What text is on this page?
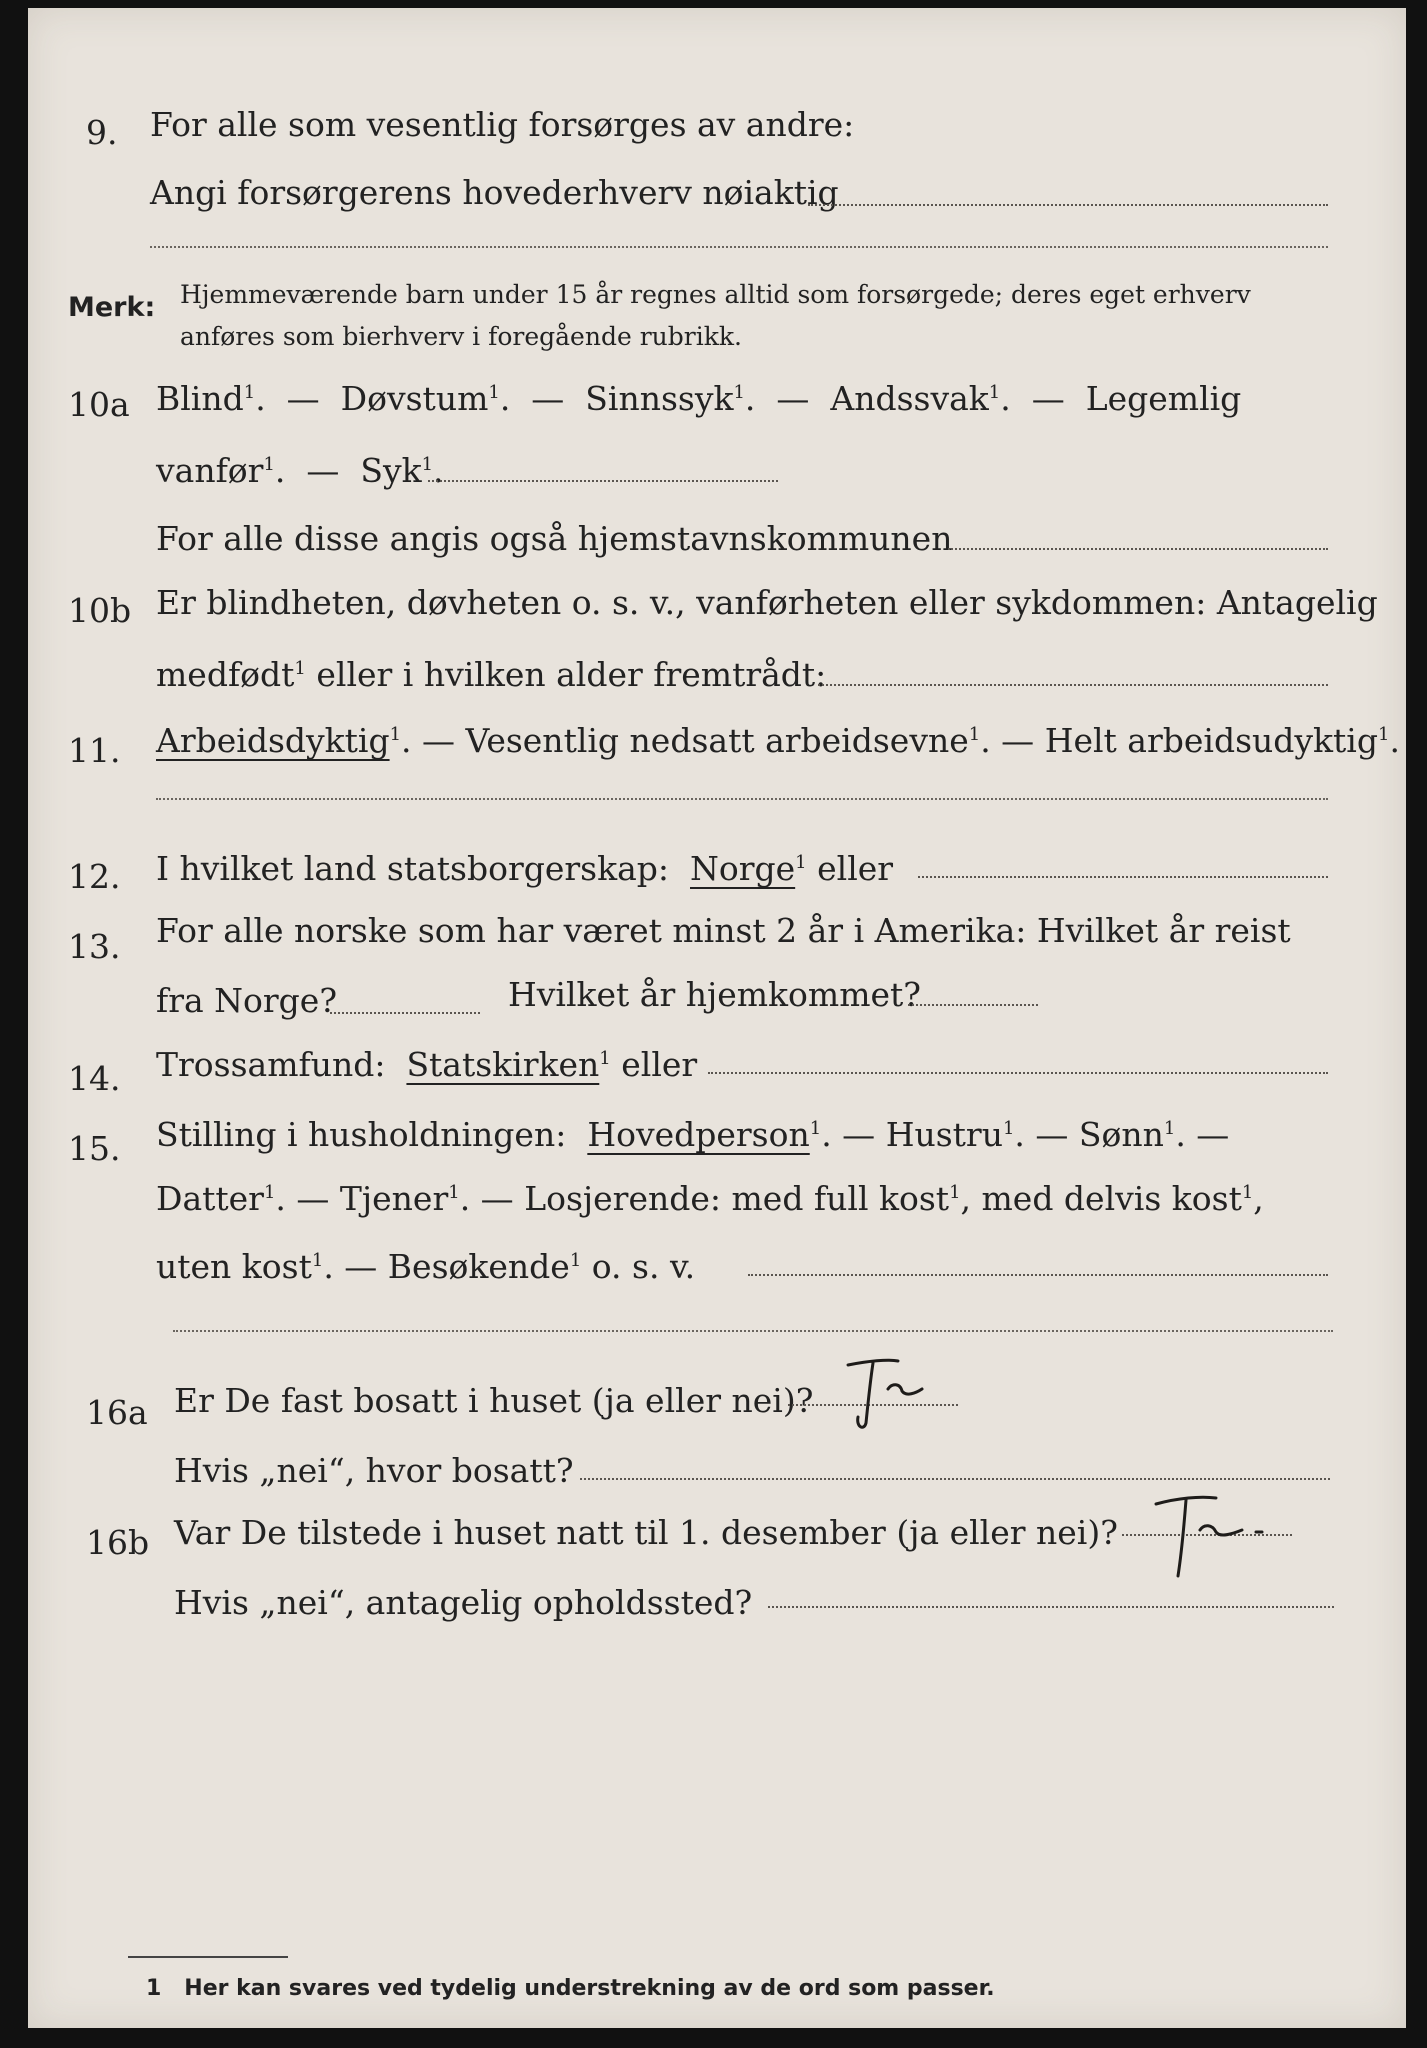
9. For alle som vesentlig forsørges av andre:
Angi forsørgerens hovederhverv nøiaktig
Merk: Hjemmeværende barn under 15 år regnes alltid som forsørgede; deres eget erhverv
anføres som bierhverv i foregående rubrikk.
10a Blind$^1$.  —  Døvstum$^1$.  —  Sinnssyk$^1$.  —  Andssvak$^1$.  —  Legemlig
vanfør$^1$.  —  Syk$^1$.
For alle disse angis også hjemstavnskommunen
10b Er blindheten, døvheten o. s. v., vanførheten eller sykdommen: Antagelig
medfødt$^1$ eller i hvilken alder fremtrådt:
11. Arbeidsdyktig$^1$. — Vesentlig nedsatt arbeidsevne$^1$. — Helt arbeidsudyktig$^1$.
12. I hvilket land statsborgerskap: Norge$^1$ eller
13. For alle norske som har været minst 2 år i Amerika: Hvilket år reist
fra Norge?	Hvilket år hjemkommet?
14. Trossamfund: Statskirken$^1$ eller
15. Stilling i husholdningen: Hovedperson$^1$. — Hustru$^1$. — Sønn$^1$. —
Datter$^1$. — Tjener$^1$. — Losjerende: med full kost$^1$, med delvis kost$^1$,
uten kost$^1$. — Besøkende$^1$ o. s. v.
16a Er De fast bosatt i huset (ja eller nei)?
Hvis „nei“, hvor bosatt?
16b Var De tilstede i huset natt til 1. desember (ja eller nei)?
Hvis „nei“, antagelig opholdssted?
1 Her kan svares ved tydelig understrekning av de ord som passer.
